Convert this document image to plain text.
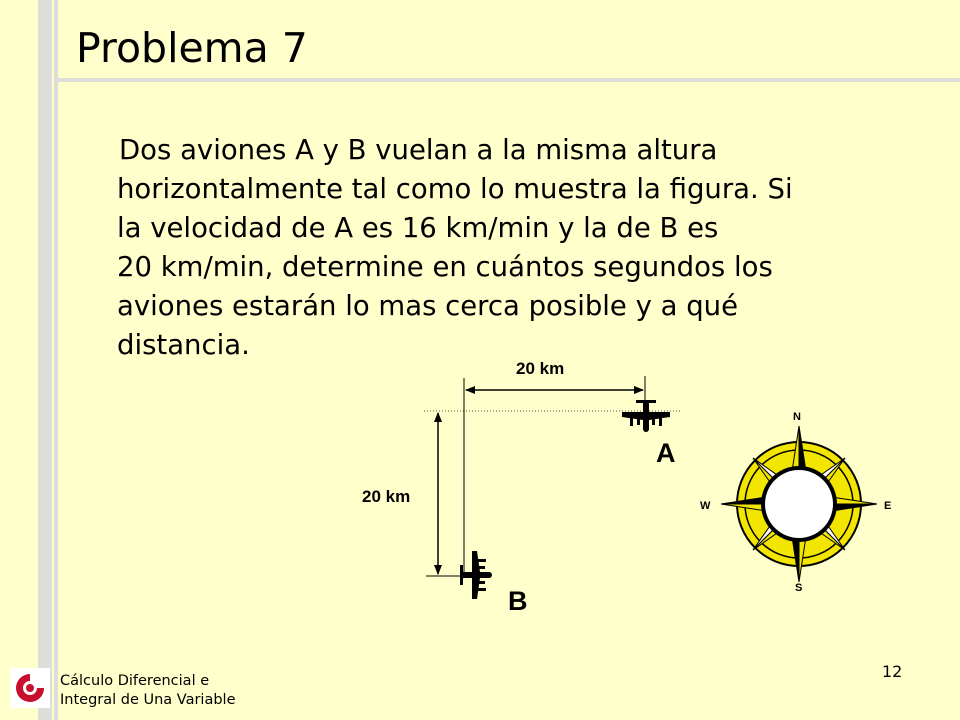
Problema 7
Dos aviones A y B vuelan a la misma altura
horizontalmente tal como lo muestra la figura. Si
la velocidad de A es 16 km/min y la de B es
20 km/min, determine en cuántos segundos los
aviones estarán lo mas cerca posible y a qué
distancia.
20 km
20 km
A
B
N
S
E
W
Cálculo Diferencial e
Integral de Una Variable
12
